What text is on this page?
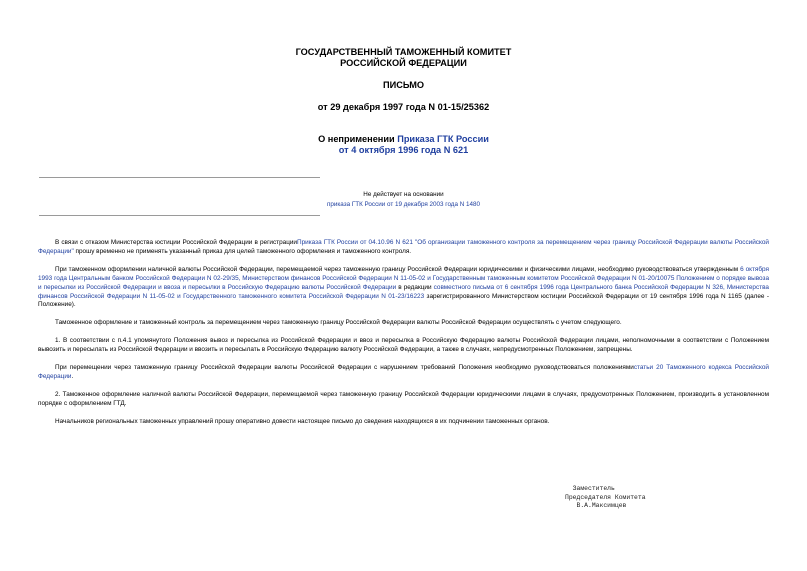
ГОСУДАРСТВЕННЫЙ ТАМОЖЕННЫЙ КОМИТЕТ
РОССИЙСКОЙ ФЕДЕРАЦИИ
ПИСЬМО
от 29 декабря 1997 года N 01-15/25362
О неприменении Приказа ГТК России
от 4 октября 1996 года N 621
Не действует на основании
приказа ГТК России от 19 декабря 2003 года N 1480

В связи с отказом Министерства юстиции Российской Федерации в регистрацииПриказа ГТК России от 04.10.96 N 621 "Об организации таможенного контроля за перемещением через границу Российской Федерации валюты Российской Федерации" прошу временно не применять указанный приказ для целей таможенного оформления и таможенного контроля.

При таможенном оформлении наличной валюты Российской Федерации, перемещаемой через таможенную границу Российской Федерации юридическими и физическими лицами, необходимо руководствоваться утвержденным 6 октября 1993 года Центральным банком Российской Федерации N 02-29/35, Министерством финансов Российской Федерации N 11-05-02 и Государственным таможенным комитетом Российской Федерации N 01-20/10075 Положением о порядке вывоза и пересылки из Российской Федерации и ввоза и пересылки в Российскую Федерацию валюты Российской Федерации в редакции совместного письма от 6 сентября 1996 года Центрального банка Российской Федерации N 326, Министерства финансов Российской Федерации N 11-05-02 и Государственного таможенного комитета Российской Федерации N 01-23/16223 зарегистрированного Министерством юстиции Российской Федерации от 19 сентября 1996 года N 1165 (далее - Положение).

Таможенное оформление и таможенный контроль за перемещением через таможенную границу Российской Федерации валюты Российской Федерации осуществлять с учетом следующего.

1. В соответствии с п.4.1 упомянутого Положения вывоз и пересылка из Российской Федерации и ввоз и пересылка в Российскую Федерацию валюты Российской Федерации лицами, неполномочными в соответствии с Положением вывозить и пересылать из Российской Федерации и ввозить и пересылать в Российскую Федерацию валюту Российской Федерации, а также в случаях, непредусмотренных Положением, запрещены.

При перемещении через таможенную границу Российской Федерации валюты Российской Федерации с нарушением требований Положения необходимо руководствоваться положениямистатьи 20 Таможенного кодекса Российской Федерации.

2. Таможенное оформление наличной валюты Российской Федерации, перемещаемой через таможенную границу Российской Федерации юридическими лицами в случаях, предусмотренных Положением, производить в установленном порядке с оформлением ГТД.

Начальников региональных таможенных управлений прошу оперативно довести настоящее письмо до сведения находящихся в их подчинении таможенных органов.

Заместитель
Председателя Комитета
В.А.Максимцев
